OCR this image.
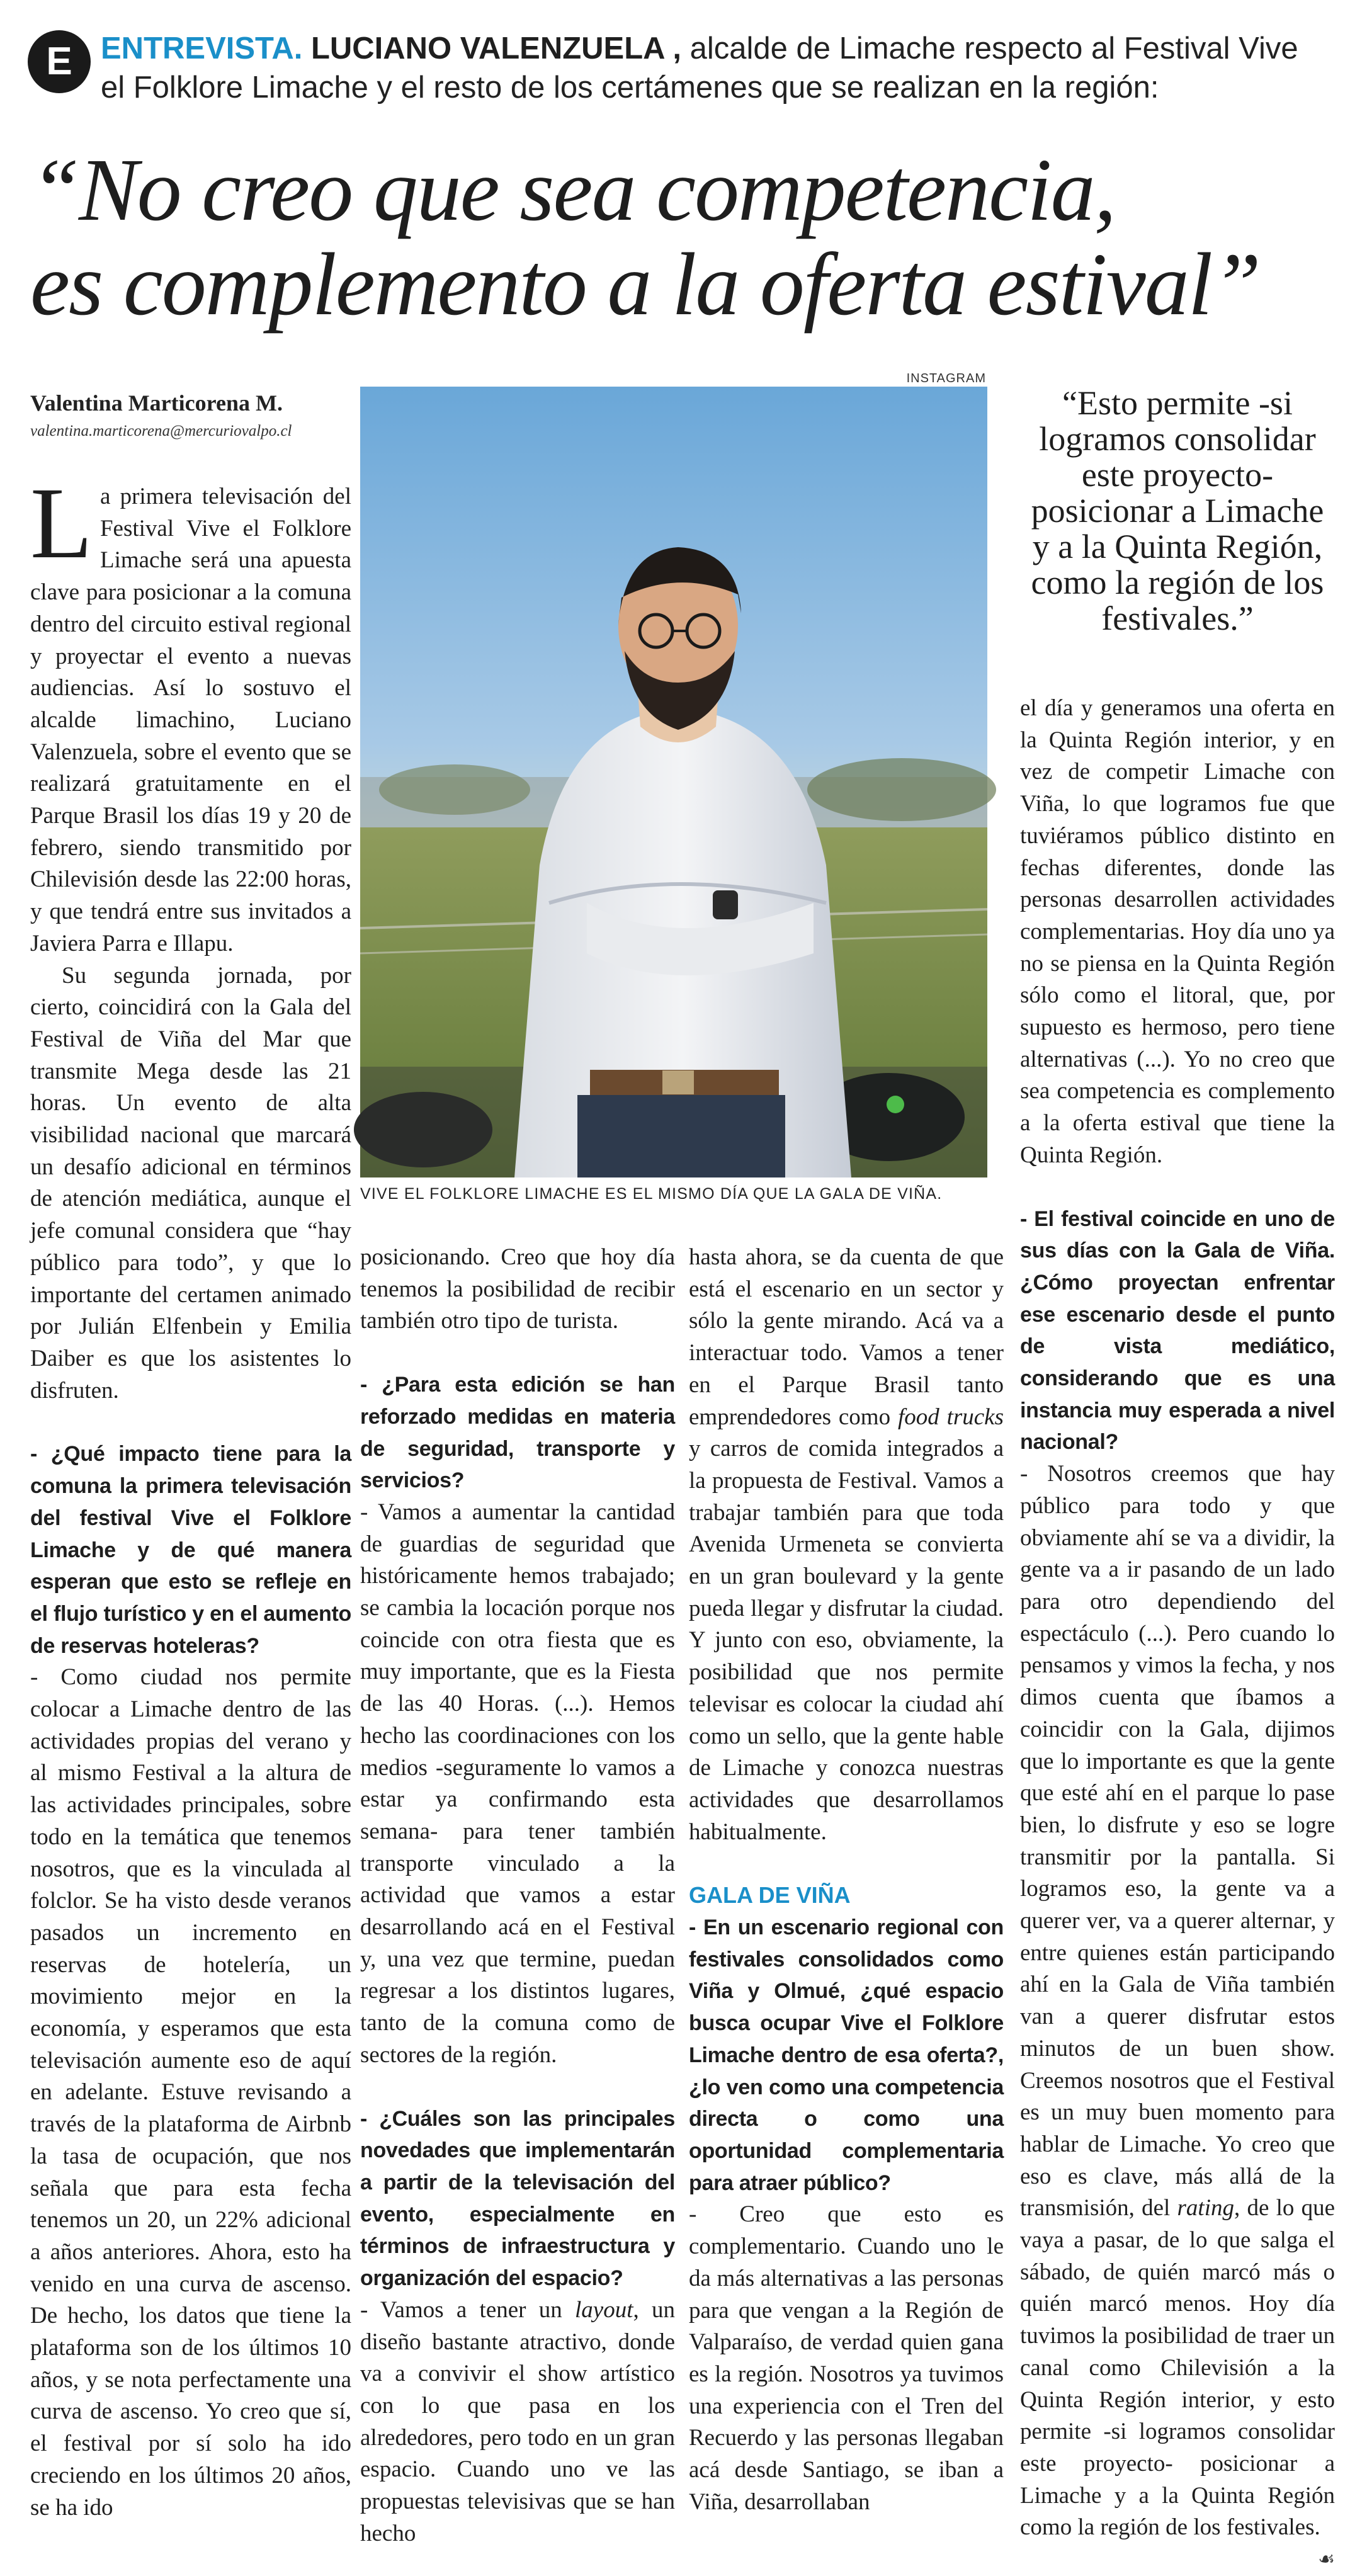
E ENTREVISTA. LUCIANO VALENZUELA , alcalde de Limache respecto al Festival Vive el Folklore Limache y el resto de los certámenes que se realizan en la región:
“No creo que sea competencia,
es complemento a la oferta estival”
Valentina Marticorena M.
valentina.marticorena@mercuriovalpo.cl
INSTAGRAM
VIVE EL FOLKLORE LIMACHE ES EL MISMO DÍA QUE LA GALA DE VIÑA.
“Esto permite -si logramos consolidar este proyecto- posicionar a Limache y a la Quinta Región, como la región de los festivales.”

La primera televisación del Festival Vive el Folklore Limache será una apuesta clave para posicionar a la comuna dentro del circuito estival regional y proyectar el evento a nuevas audiencias. Así lo sostuvo el alcalde limachino, Luciano Valenzuela, sobre el evento que se realizará gratuitamente en el Parque Brasil los días 19 y 20 de febrero, siendo transmitido por Chilevisión desde las 22:00 horas, y que tendrá entre sus invitados a Javiera Parra e Illapu.

Su segunda jornada, por cierto, coincidirá con la Gala del Festival de Viña del Mar que transmite Mega desde las 21 horas. Un evento de alta visibilidad nacional que marcará un desafío adicional en términos de atención mediática, aunque el jefe comunal considera que “hay público para todo”, y que lo importante del certamen animado por Julián Elfenbein y Emilia Daiber es que los asistentes lo disfruten.

- ¿Qué impacto tiene para la comuna la primera televisación del festival Vive el Folklore Limache y de qué manera esperan que esto se refleje en el flujo turístico y en el aumento de reservas hoteleras?

- Como ciudad nos permite colocar a Limache dentro de las actividades propias del verano y al mismo Festival a la altura de las actividades principales, sobre todo en la temática que tenemos nosotros, que es la vinculada al folclor. Se ha visto desde veranos pasados un incremento en reservas de hotelería, un movimiento mejor en la economía, y esperamos que esta televisación aumente eso de aquí en adelante. Estuve revisando a través de la plataforma de Airbnb la tasa de ocupación, que nos señala que para esta fecha tenemos un 20, un 22% adicional a años anteriores. Ahora, esto ha venido en una curva de ascenso. De hecho, los datos que tiene la plataforma son de los últimos 10 años, y se nota perfectamente una curva de ascenso. Yo creo que sí, el festival por sí solo ha ido creciendo en los últimos 20 años, se ha ido

posicionando. Creo que hoy día tenemos la posibilidad de recibir también otro tipo de turista.

- ¿Para esta edición se han reforzado medidas en materia de seguridad, transporte y servicios?

- Vamos a aumentar la cantidad de guardias de seguridad que históricamente hemos trabajado; se cambia la locación porque nos coincide con otra fiesta que es muy importante, que es la Fiesta de las 40 Horas. (...). Hemos hecho las coordinaciones con los medios -seguramente lo vamos a estar ya confirmando esta semana- para tener también transporte vinculado a la actividad que vamos a estar desarrollando acá en el Festival y, una vez que termine, puedan regresar a los distintos lugares, tanto de la comuna como de sectores de la región.

- ¿Cuáles son las principales novedades que implementarán a partir de la televisación del evento, especialmente en términos de infraestructura y organización del espacio?

- Vamos a tener un layout, un diseño bastante atractivo, donde va a convivir el show artístico con lo que pasa en los alrededores, pero todo en un gran espacio. Cuando uno ve las propuestas televisivas que se han hecho

hasta ahora, se da cuenta de que está el escenario en un sector y sólo la gente mirando. Acá va a interactuar todo. Vamos a tener en el Parque Brasil tanto emprendedores como food trucks y carros de comida integrados a la propuesta de Festival. Vamos a trabajar también para que toda Avenida Urmeneta se convierta en un gran boulevard y la gente pueda llegar y disfrutar la ciudad. Y junto con eso, obviamente, la posibilidad que nos permite televisar es colocar la ciudad ahí como un sello, que la gente hable de Limache y conozca nuestras actividades que desarrollamos habitualmente.

GALA DE VIÑA

- En un escenario regional con festivales consolidados como Viña y Olmué, ¿qué espacio busca ocupar Vive el Folklore Limache dentro de esa oferta?, ¿lo ven como una competencia directa o como una oportunidad complementaria para atraer público?

- Creo que esto es complementario. Cuando uno le da más alternativas a las personas para que vengan a la Región de Valparaíso, de verdad quien gana es la región. Nosotros ya tuvimos una experiencia con el Tren del Recuerdo y las personas llegaban acá desde Santiago, se iban a Viña, desarrollaban

el día y generamos una oferta en la Quinta Región interior, y en vez de competir Limache con Viña, lo que logramos fue que tuviéramos público distinto en fechas diferentes, donde las personas desarrollen actividades complementarias. Hoy día uno ya no se piensa en la Quinta Región sólo como el litoral, que, por supuesto es hermoso, pero tiene alternativas (...). Yo no creo que sea competencia es complemento a la oferta estival que tiene la Quinta Región.

- El festival coincide en uno de sus días con la Gala de Viña. ¿Cómo proyectan enfrentar ese escenario desde el punto de vista mediático, considerando que es una instancia muy esperada a nivel nacional?

- Nosotros creemos que hay público para todo y que obviamente ahí se va a dividir, la gente va a ir pasando de un lado para otro dependiendo del espectáculo (...). Pero cuando lo pensamos y vimos la fecha, y nos dimos cuenta que íbamos a coincidir con la Gala, dijimos que lo importante es que la gente que esté ahí en el parque lo pase bien, lo disfrute y eso se logre transmitir por la pantalla. Si logramos eso, la gente va a querer ver, va a querer alternar, y entre quienes están participando ahí en la Gala de Viña también van a querer disfrutar estos minutos de un buen show. Creemos nosotros que el Festival es un muy buen momento para hablar de Limache. Yo creo que eso es clave, más allá de la transmisión, del rating, de lo que vaya a pasar, de lo que salga el sábado, de quién marcó más o quién marcó menos. Hoy día tuvimos la posibilidad de traer un canal como Chilevisión a la Quinta Región interior, y esto permite -si logramos consolidar este proyecto- posicionar a Limache y a la Quinta Región como la región de los festivales.
☙
